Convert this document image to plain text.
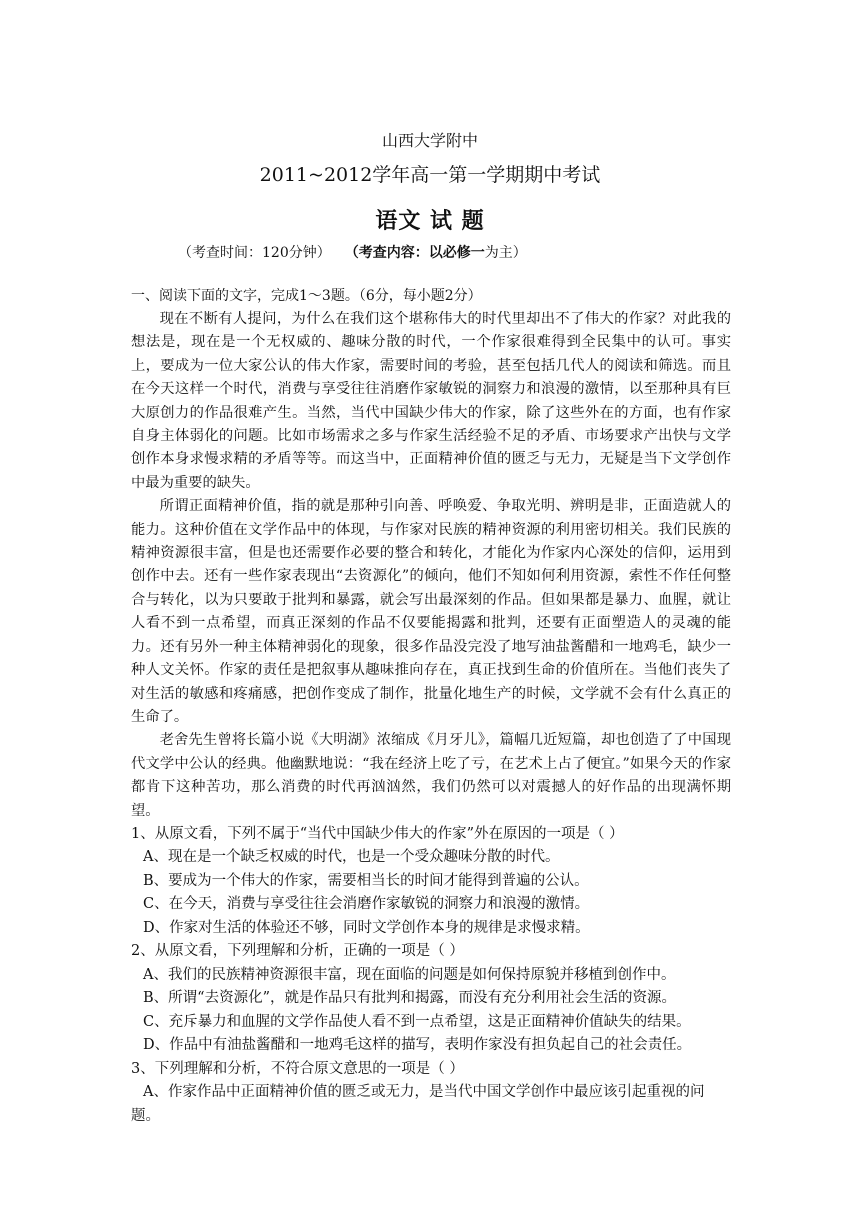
山西大学附中
2011~2012学年高一第一学期期中考试
语文 试 题
（考查时间：120分钟） （考查内容：以必修一为主）
一、阅读下面的文字，完成1～3题。（6分，每小题2分）

现在不断有人提问，为什么在我们这个堪称伟大的时代里却出不了伟大的作家？对此我的想法是，现在是一个无权威的、趣味分散的时代，一个作家很难得到全民集中的认可。事实上，要成为一位大家公认的伟大作家，需要时间的考验，甚至包括几代人的阅读和筛选。而且在今天这样一个时代，消费与享受往往消磨作家敏锐的洞察力和浪漫的激情，以至那种具有巨大原创力的作品很难产生。当然，当代中国缺少伟大的作家，除了这些外在的方面，也有作家自身主体弱化的问题。比如市场需求之多与作家生活经验不足的矛盾、市场要求产出快与文学创作本身求慢求精的矛盾等等。而这当中，正面精神价值的匮乏与无力，无疑是当下文学创作中最为重要的缺失。

所谓正面精神价值，指的就是那种引向善、呼唤爱、争取光明、辨明是非，正面造就人的能力。这种价值在文学作品中的体现，与作家对民族的精神资源的利用密切相关。我们民族的精神资源很丰富，但是也还需要作必要的整合和转化，才能化为作家内心深处的信仰，运用到创作中去。还有一些作家表现出“去资源化”的倾向，他们不知如何利用资源，索性不作任何整合与转化，以为只要敢于批判和暴露，就会写出最深刻的作品。但如果都是暴力、血腥，就让人看不到一点希望，而真正深刻的作品不仅要能揭露和批判，还要有正面塑造人的灵魂的能力。还有另外一种主体精神弱化的现象，很多作品没完没了地写油盐酱醋和一地鸡毛，缺少一种人文关怀。作家的责任是把叙事从趣味推向存在，真正找到生命的价值所在。当他们丧失了对生活的敏感和疼痛感，把创作变成了制作，批量化地生产的时候，文学就不会有什么真正的生命了。

老舍先生曾将长篇小说《大明湖》浓缩成《月牙儿》，篇幅几近短篇，却也创造了了中国现代文学中公认的经典。他幽默地说：“我在经济上吃了亏，在艺术上占了便宜。”如果今天的作家都肯下这种苦功，那么消费的时代再汹汹然，我们仍然可以对震撼人的好作品的出现满怀期望。

1、从原文看，下列不属于“当代中国缺少伟大的作家”外在原因的一项是（ ）
A、现在是一个缺乏权威的时代，也是一个受众趣味分散的时代。
B、要成为一个伟大的作家，需要相当长的时间才能得到普遍的公认。
C、在今天，消费与享受往往会消磨作家敏锐的洞察力和浪漫的激情。
D、作家对生活的体验还不够，同时文学创作本身的规律是求慢求精。
2、从原文看，下列理解和分析，正确的一项是（ ）
A、我们的民族精神资源很丰富，现在面临的问题是如何保持原貌并移植到创作中。
B、所谓“去资源化”，就是作品只有批判和揭露，而没有充分利用社会生活的资源。
C、充斥暴力和血腥的文学作品使人看不到一点希望，这是正面精神价值缺失的结果。
D、作品中有油盐酱醋和一地鸡毛这样的描写，表明作家没有担负起自己的社会责任。
3、下列理解和分析，不符合原文意思的一项是（ ）
A、作家作品中正面精神价值的匮乏或无力，是当代中国文学创作中最应该引起重视的问题。
